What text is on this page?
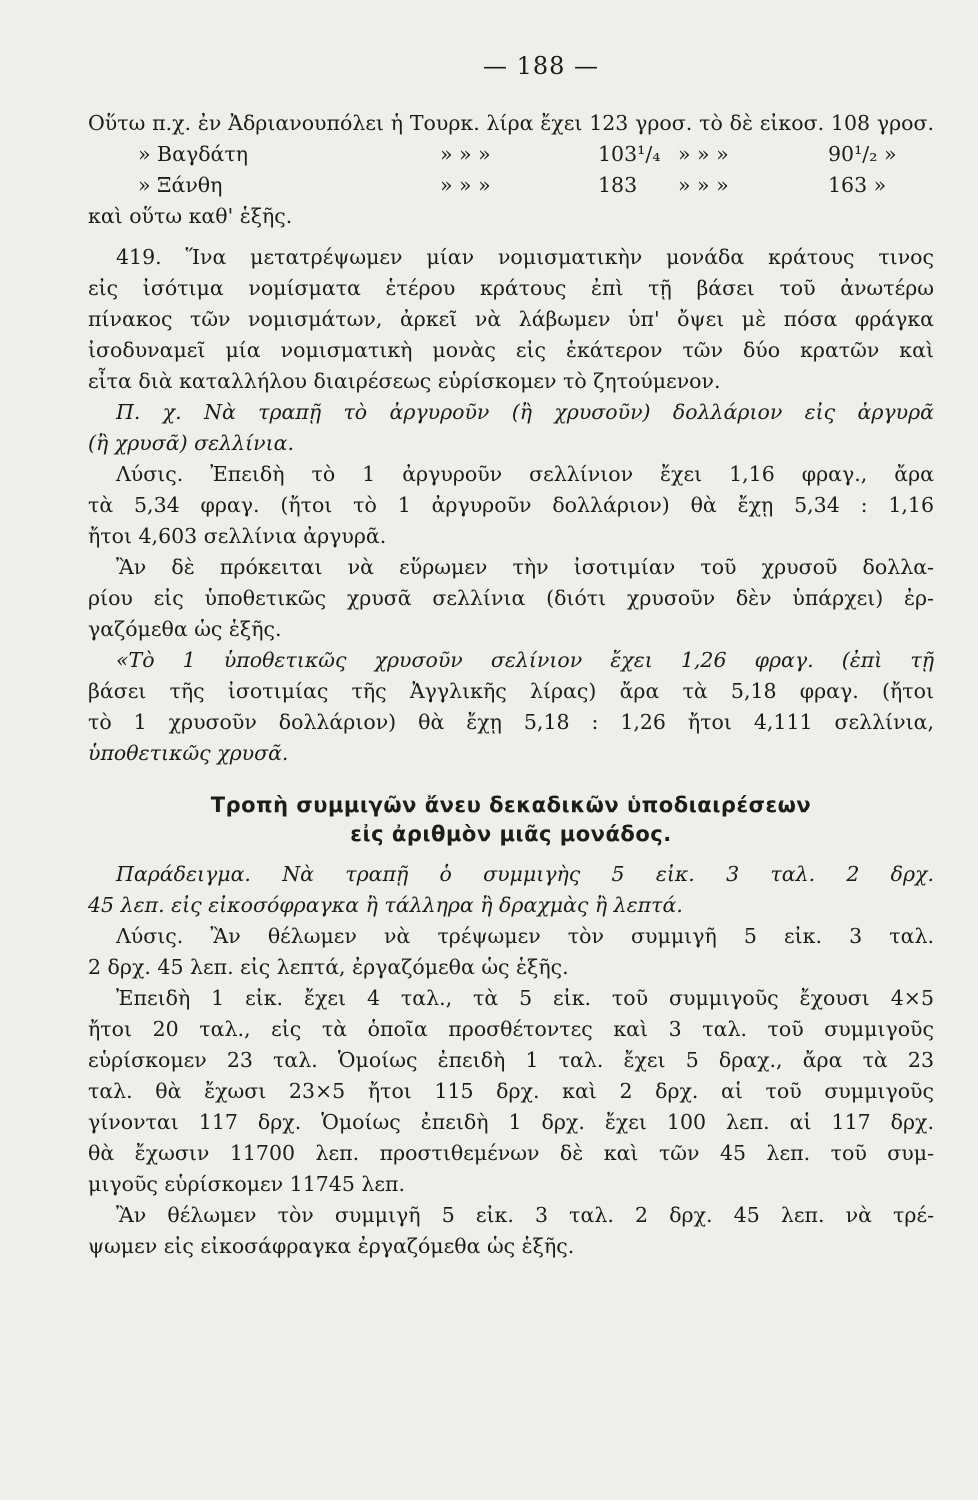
— 188 —
Οὕτω π.χ. ἐν Ἀδριανουπόλει ἡ Τουρκ. λίρα ἔχει 123 γροσ. τὸ δὲ εἰκοσ. 108 γροσ.
» Βαγδάτη	» » »	103¹/₄ » » »	90¹/₂ »
» Ξάνθη	» » »	183 » » »	163 »
καὶ οὕτω καθ' ἑξῆς.
419. Ἵνα μετατρέψωμεν μίαν νομισματικὴν μονάδα κράτους τινος
εἰς ἰσότιμα νομίσματα ἑτέρου κράτους ἐπὶ τῇ βάσει τοῦ ἀνωτέρω
πίνακος τῶν νομισμάτων, ἀρκεῖ νὰ λάβωμεν ὑπ' ὄψει μὲ πόσα φράγκα
ἰσοδυναμεῖ μία νομισματικὴ μονὰς εἰς ἑκάτερον τῶν δύο κρατῶν καὶ
εἶτα διὰ καταλλήλου διαιρέσεως εὑρίσκομεν τὸ ζητούμενον.
Π. χ. Νὰ τραπῇ τὸ ἀργυροῦν (ἢ χρυσοῦν) δολλάριον εἰς ἀργυρᾶ
(ἢ χρυσᾶ) σελλίνια.
Λύσις. Ἐπειδὴ τὸ 1 ἀργυροῦν σελλίνιον ἔχει 1,16 φραγ., ἄρα
τὰ 5,34 φραγ. (ἤτοι τὸ 1 ἀργυροῦν δολλάριον) θὰ ἔχῃ 5,34 : 1,16
ἤτοι 4,603 σελλίνια ἀργυρᾶ.
Ἂν δὲ πρόκειται νὰ εὕρωμεν τὴν ἰσοτιμίαν τοῦ χρυσοῦ δολλα-
ρίου εἰς ὑποθετικῶς χρυσᾶ σελλίνια (διότι χρυσοῦν δὲν ὑπάρχει) ἐρ-
γαζόμεθα ὡς ἑξῆς.
«Τὸ 1 ὑποθετικῶς χρυσοῦν σελίνιον ἔχει 1,26 φραγ. (ἐπὶ τῇ
βάσει τῆς ἰσοτιμίας τῆς Ἀγγλικῆς λίρας) ἄρα τὰ 5,18 φραγ. (ἤτοι
τὸ 1 χρυσοῦν δολλάριον) θὰ ἔχῃ 5,18 : 1,26 ἤτοι 4,111 σελλίνια,
ὑποθετικῶς χρυσᾶ.
Τροπὴ συμμιγῶν ἄνευ δεκαδικῶν ὑποδιαιρέσεων
εἰς ἀριθμὸν μιᾶς μονάδος.
Παράδειγμα. Νὰ τραπῇ ὁ συμμιγὴς 5 εἰκ. 3 ταλ. 2 δρχ.
45 λεπ. εἰς εἰκοσόφραγκα ἢ τάλληρα ἢ δραχμὰς ἢ λεπτά.
Λύσις. Ἂν θέλωμεν νὰ τρέψωμεν τὸν συμμιγῆ 5 εἰκ. 3 ταλ.
2 δρχ. 45 λεπ. εἰς λεπτά, ἐργαζόμεθα ὡς ἑξῆς.
Ἐπειδὴ 1 εἰκ. ἔχει 4 ταλ., τὰ 5 εἰκ. τοῦ συμμιγοῦς ἔχουσι 4×5
ἤτοι 20 ταλ., εἰς τὰ ὁποῖα προσθέτοντες καὶ 3 ταλ. τοῦ συμμιγοῦς
εὑρίσκομεν 23 ταλ. Ὁμοίως ἐπειδὴ 1 ταλ. ἔχει 5 δραχ., ἄρα τὰ 23
ταλ. θὰ ἔχωσι 23×5 ἤτοι 115 δρχ. καὶ 2 δρχ. αἱ τοῦ συμμιγοῦς
γίνονται 117 δρχ. Ὁμοίως ἐπειδὴ 1 δρχ. ἔχει 100 λεπ. αἱ 117 δρχ.
θὰ ἔχωσιν 11700 λεπ. προστιθεμένων δὲ καὶ τῶν 45 λεπ. τοῦ συμ-
μιγοῦς εὑρίσκομεν 11745 λεπ.
Ἂν θέλωμεν τὸν συμμιγῆ 5 εἰκ. 3 ταλ. 2 δρχ. 45 λεπ. νὰ τρέ-
ψωμεν εἰς εἰκοσάφραγκα ἐργαζόμεθα ὡς ἑξῆς.
